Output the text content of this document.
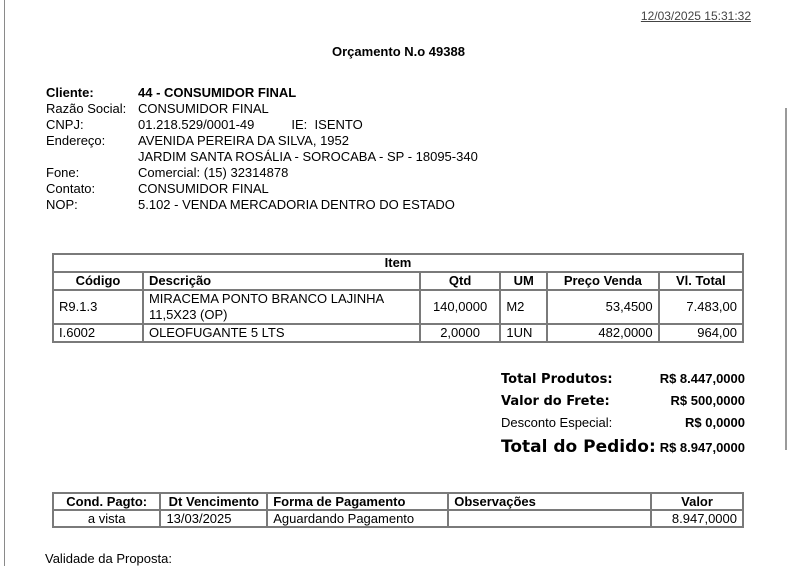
12/03/2025 15:31:32
Orçamento N.o 49388
Cliente:	44 - CONSUMIDOR FINAL
Razão Social: CONSUMIDOR FINAL
CNPJ:	01.218.529/0001-49	IE:
ISENTO
Endereço:	AVENIDA PEREIRA DA SILVA, 1952
JARDIM SANTA ROSÁLIA - SOROCABA - SP - 18095-340
Fone:	Comercial: (15) 32314878
Contato:	CONSUMIDOR FINAL
NOP:	5.102 - VENDA MERCADORIA DENTRO DO ESTADO
Item					
Código	Descrição	Qtd	UM	Preço Venda	Vl. Total
R9.1.3	MIRACEMA PONTO BRANCO LAJINHA 11,5X23 (OP)	140,0000	M2	53,4500	7.483,00
I.6002	OLEOFUGANTE 5 LTS	2,0000	1UN	482,0000	964,00
Total Produtos:	R$ 8.447,0000
Valor do Frete:	R$ 500,0000
Desconto Especial:	R$ 0,0000
Total do Pedido: R$ 8.947,0000
Cond. Pagto:	Dt Vencimento	Forma de Pagamento	Observações	Valor
a vista	13/03/2025	Aguardando Pagamento		8.947,0000
Validade da Proposta:
